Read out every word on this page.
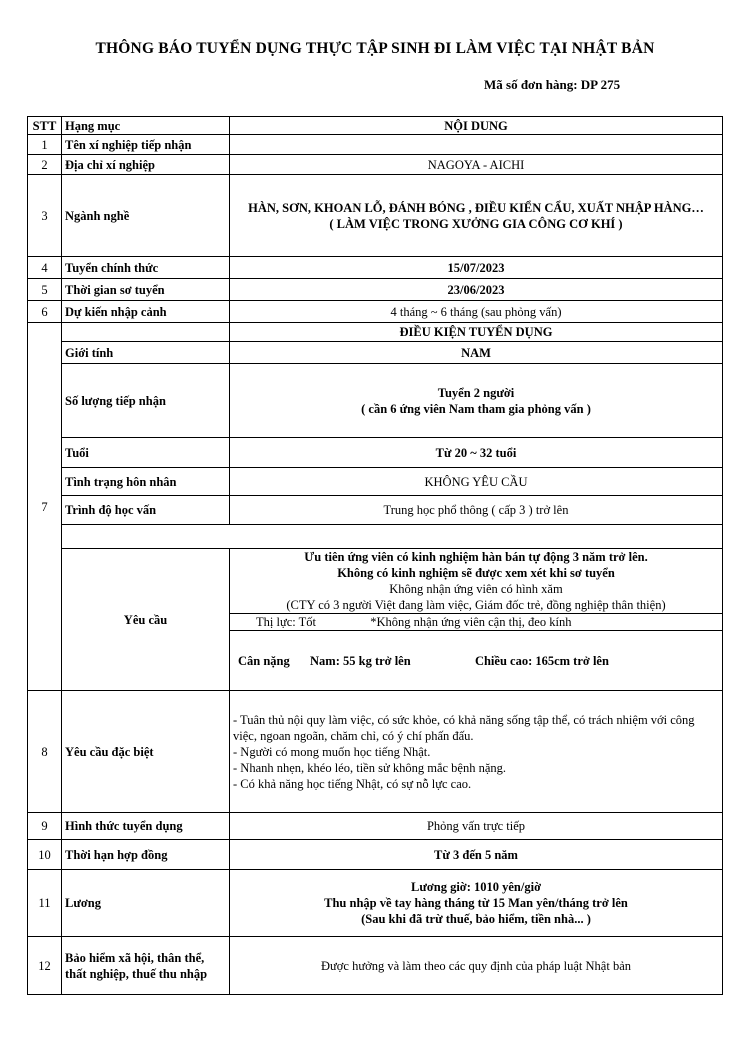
THÔNG BÁO TUYỂN DỤNG THỰC TẬP SINH ĐI LÀM VIỆC TẠI NHẬT BẢN
Mã số đơn hàng: DP 275
STT	Hạng mục	NỘI DUNG
1	Tên xí nghiệp tiếp nhận	
2	Địa chỉ xí nghiệp	NAGOYA - AICHI
3	Ngành nghề	HÀN, SƠN, KHOAN LỖ, ĐÁNH BÓNG , ĐIỀU KIỂN CẨU, XUẤT NHẬP HÀNG…
( LÀM VIỆC TRONG XƯỞNG GIA CÔNG CƠ KHÍ )

4	Tuyển chính thức	15/07/2023
5	Thời gian sơ tuyển	23/06/2023
6	Dự kiến nhập cảnh	4 tháng ~ 6 tháng (sau phỏng vấn)
7		ĐIỀU KIỆN TUYỂN DỤNG
	Giới tính	NAM
	Số lượng tiếp nhận	Tuyển 2 người
( cần 6 ứng viên Nam tham gia phỏng vấn )

	Tuổi	Từ 20 ~ 32 tuổi
	Tình trạng hôn nhân	KHÔNG YÊU CẦU
	Trình độ học vấn	Trung học phổ thông ( cấp 3 ) trở lên

	Yêu cầu	Ưu tiên ứng viên có kinh nghiệm hàn bán tự động 3 năm trở lên.
Không có kinh nghiệm sẽ được xem xét khi sơ tuyển
Không nhận ứng viên có hình xăm
(CTY có 3 người Việt đang làm việc, Giám đốc trẻ, đồng nghiệp thân thiện)
Thị lực: Tốt *Không nhận ứng viên cận thị, đeo kính

		Cân nặng Nam: 55 kg trở lên Chiều cao: 165cm trở lên
8	Yêu cầu đặc biệt	- Tuân thủ nội quy làm việc, có sức khỏe, có khả năng sống tập thể, có trách nhiệm với công việc, ngoan ngoãn, chăm chỉ, có ý chí phấn đấu.
- Người có mong muốn học tiếng Nhật.
- Nhanh nhẹn, khéo léo, tiền sử không mắc bệnh nặng.
- Có khả năng học tiếng Nhật, có sự nỗ lực cao.

9	Hình thức tuyển dụng	Phỏng vấn trực tiếp
10	Thời hạn hợp đồng	Từ 3 đến 5 năm
11	Lương	Lương giờ: 1010 yên/giờ
Thu nhập về tay hàng tháng từ 15 Man yên/tháng trở lên
(Sau khi đã trừ thuế, bảo hiểm, tiền nhà... )

12	Bảo hiểm xã hội, thân thể, thất nghiệp, thuế thu nhập	Được hưởng và làm theo các quy định của pháp luật Nhật bản
